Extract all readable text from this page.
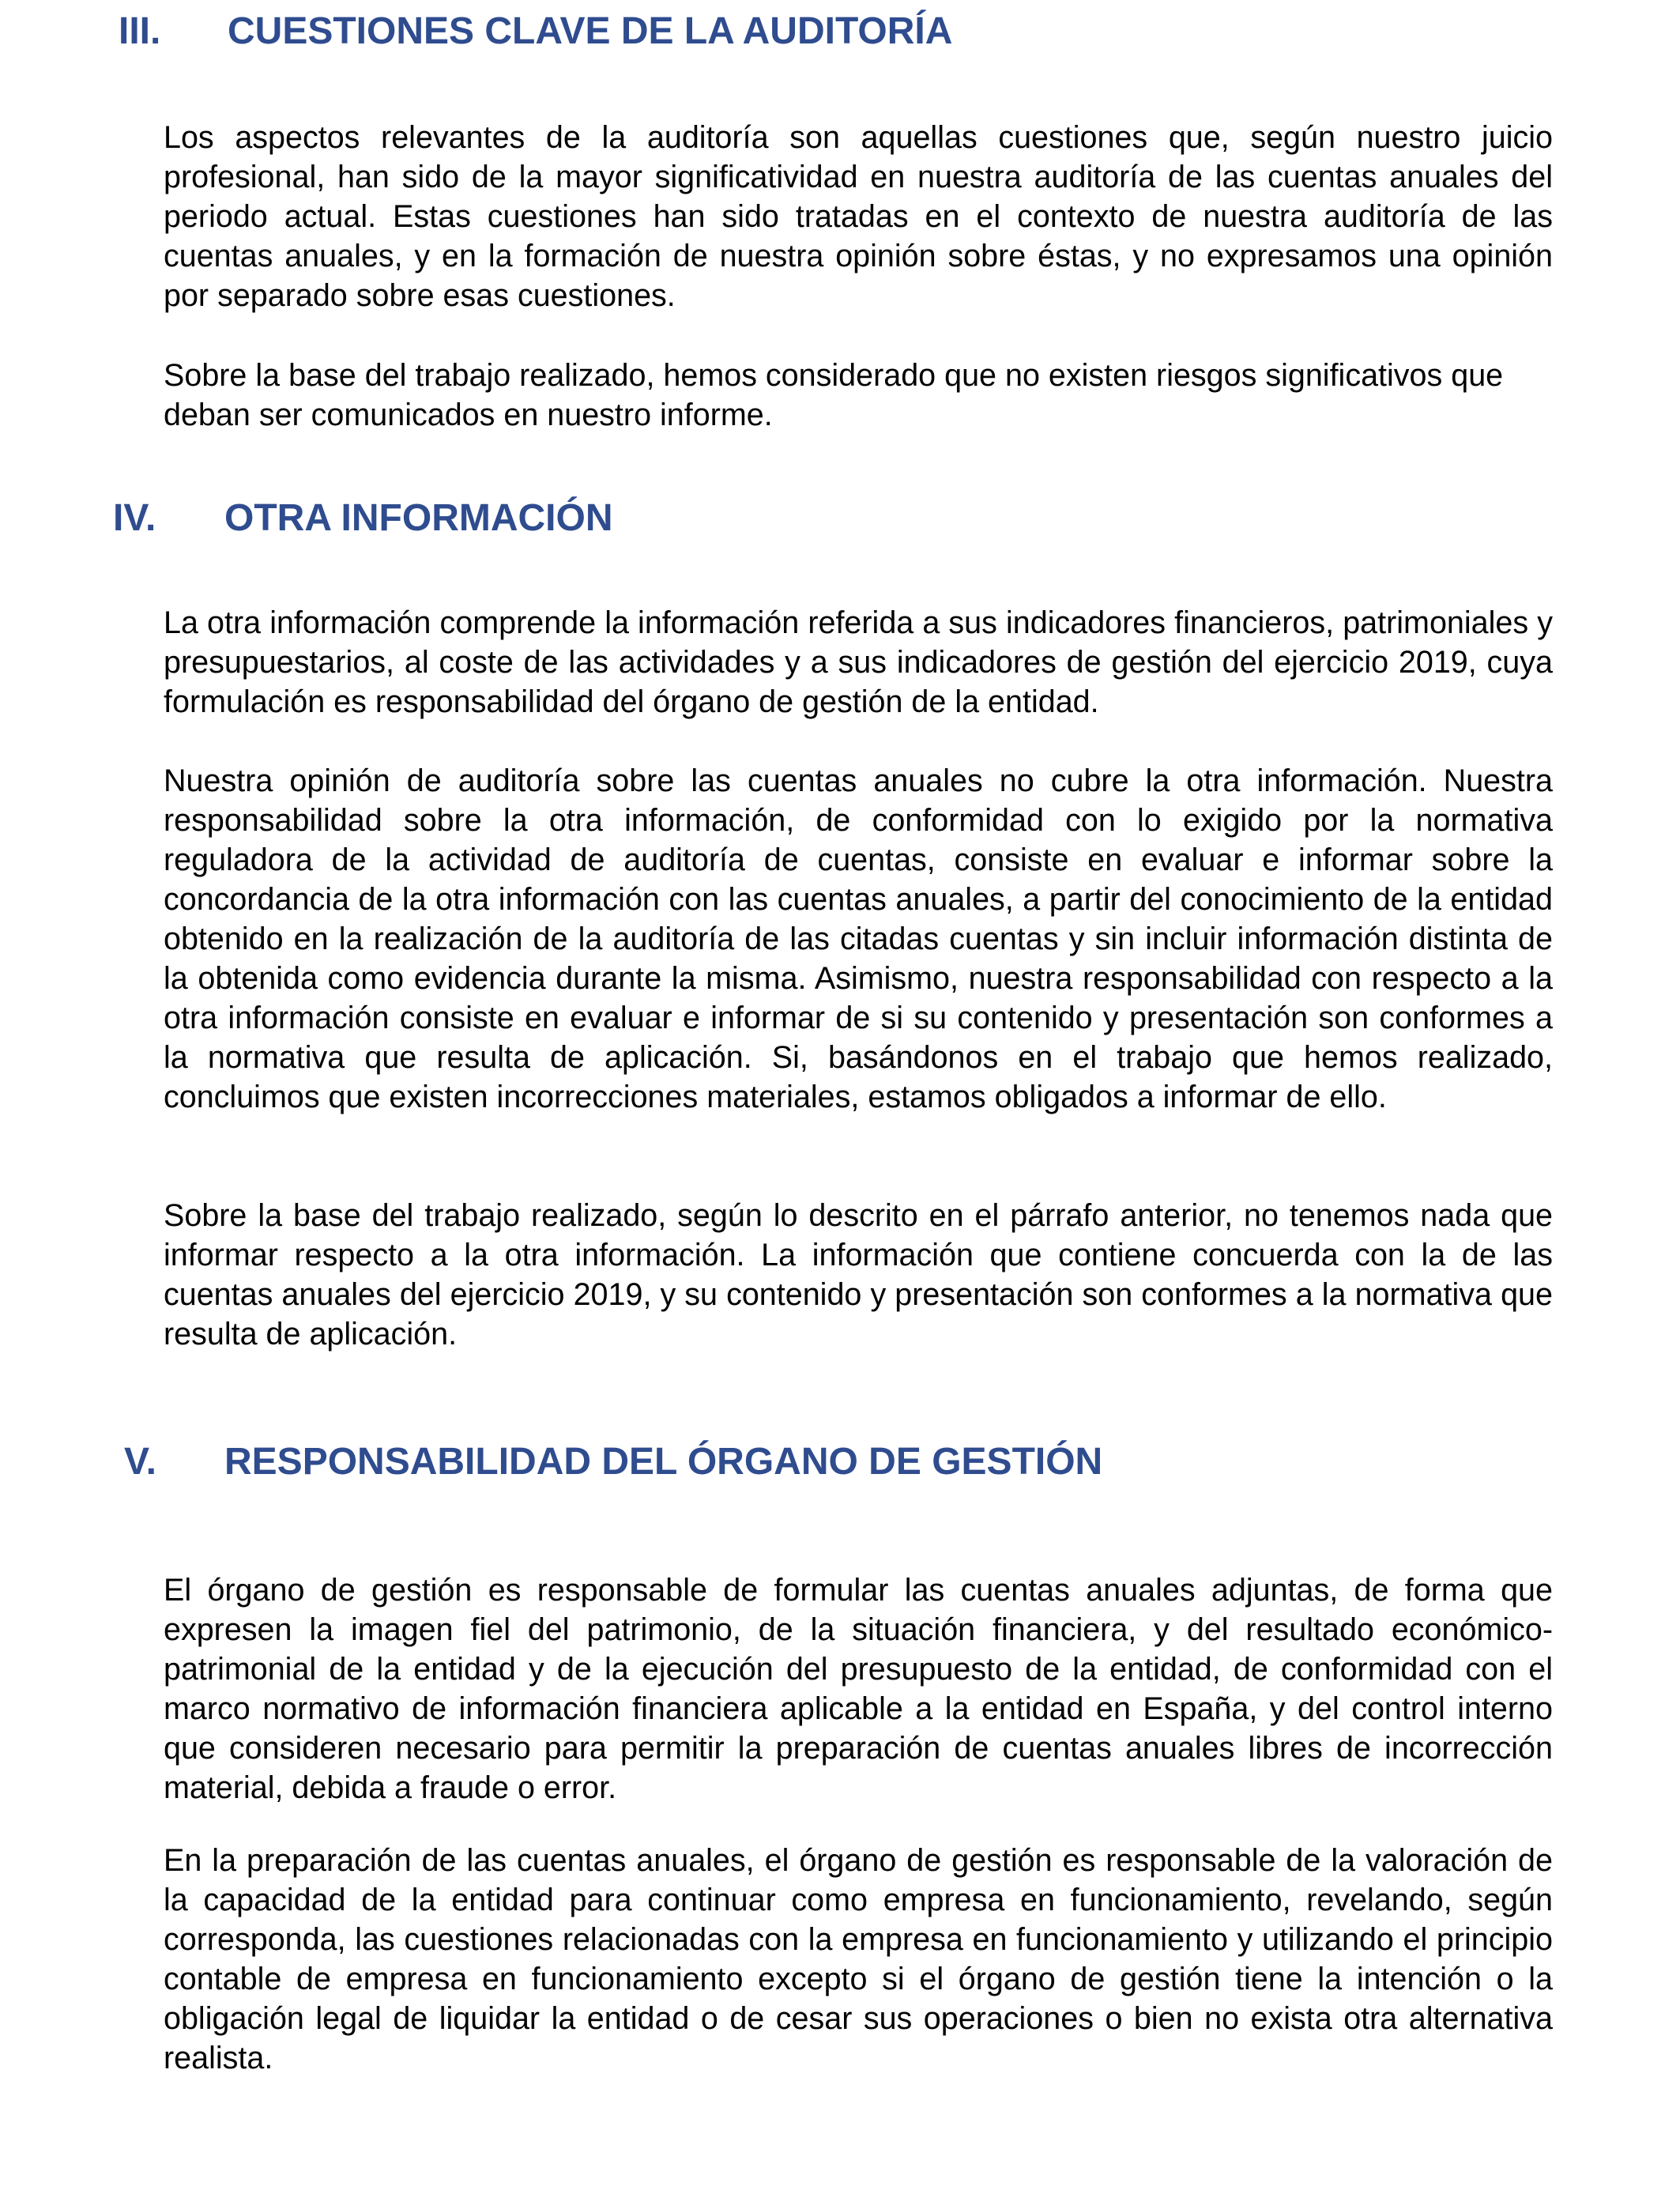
III. CUESTIONES CLAVE DE LA AUDITORÍA

Los aspectos relevantes de la auditoría son aquellas cuestiones que, según nuestro juicio profesional, han sido de la mayor significatividad en nuestra auditoría de las cuentas anuales del periodo actual. Estas cuestiones han sido tratadas en el contexto de nuestra auditoría de las cuentas anuales, y en la formación de nuestra opinión sobre éstas, y no expresamos una opinión por separado sobre esas cuestiones.

Sobre la base del trabajo realizado, hemos considerado que no existen riesgos significativos que deban ser comunicados en nuestro informe.

IV. OTRA INFORMACIÓN

La otra información comprende la información referida a sus indicadores financieros, patrimoniales y presupuestarios, al coste de las actividades y a sus indicadores de gestión del ejercicio 2019, cuya formulación es responsabilidad del órgano de gestión de la entidad.

Nuestra opinión de auditoría sobre las cuentas anuales no cubre la otra información. Nuestra responsabilidad sobre la otra información, de conformidad con lo exigido por la normativa reguladora de la actividad de auditoría de cuentas, consiste en evaluar e informar sobre la concordancia de la otra información con las cuentas anuales, a partir del conocimiento de la entidad obtenido en la realización de la auditoría de las citadas cuentas y sin incluir información distinta de la obtenida como evidencia durante la misma. Asimismo, nuestra responsabilidad con respecto a la otra información consiste en evaluar e informar de si su contenido y presentación son conformes a la normativa que resulta de aplicación. Si, basándonos en el trabajo que hemos realizado, concluimos que existen incorrecciones materiales, estamos obligados a informar de ello.

Sobre la base del trabajo realizado, según lo descrito en el párrafo anterior, no tenemos nada que informar respecto a la otra información. La información que contiene concuerda con la de las cuentas anuales del ejercicio 2019, y su contenido y presentación son conformes a la normativa que resulta de aplicación.

V. RESPONSABILIDAD DEL ÓRGANO DE GESTIÓN

El órgano de gestión es responsable de formular las cuentas anuales adjuntas, de forma que expresen la imagen fiel del patrimonio, de la situación financiera, y del resultado económico-patrimonial de la entidad y de la ejecución del presupuesto de la entidad, de conformidad con el marco normativo de información financiera aplicable a la entidad en España, y del control interno que consideren necesario para permitir la preparación de cuentas anuales libres de incorrección material, debida a fraude o error.

En la preparación de las cuentas anuales, el órgano de gestión es responsable de la valoración de la capacidad de la entidad para continuar como empresa en funcionamiento, revelando, según corresponda, las cuestiones relacionadas con la empresa en funcionamiento y utilizando el principio contable de empresa en funcionamiento excepto si el órgano de gestión tiene la intención o la obligación legal de liquidar la entidad o de cesar sus operaciones o bien no exista otra alternativa realista.
